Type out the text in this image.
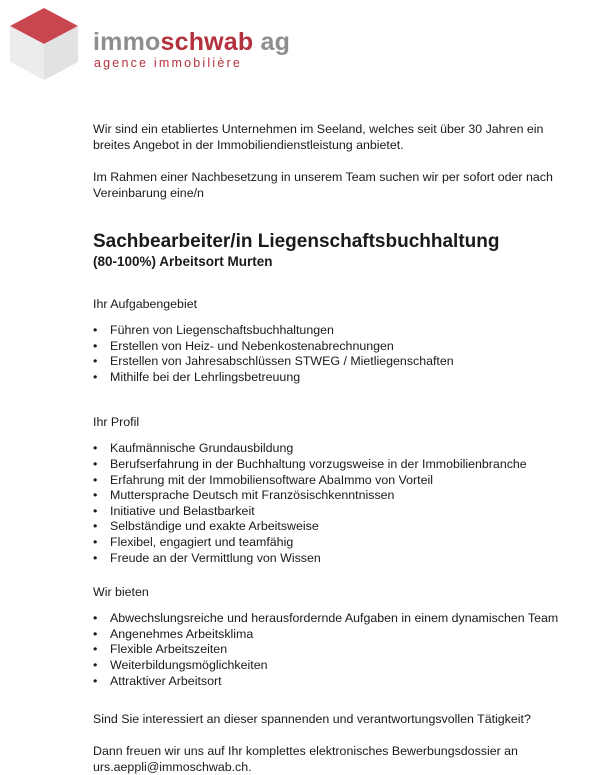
immoschwab ag
agence immobilière

Wir sind ein etabliertes Unternehmen im Seeland, welches seit über 30 Jahren ein breites Angebot in der Immobiliendienstleistung anbietet.

Im Rahmen einer Nachbesetzung in unserem Team suchen wir per sofort oder nach Vereinbarung eine/n

Sachbearbeiter/in Liegenschaftsbuchhaltung
(80-100%) Arbeitsort Murten
Ihr Aufgabengebiet
• Führen von Liegenschaftsbuchhaltungen
• Erstellen von Heiz- und Nebenkostenabrechnungen
• Erstellen von Jahresabschlüssen STWEG / Mietliegenschaften
• Mithilfe bei der Lehrlingsbetreuung
Ihr Profil
• Kaufmännische Grundausbildung
• Berufserfahrung in der Buchhaltung vorzugsweise in der Immobilienbranche
• Erfahrung mit der Immobiliensoftware AbaImmo von Vorteil
• Muttersprache Deutsch mit Französischkenntnissen
• Initiative und Belastbarkeit
• Selbständige und exakte Arbeitsweise
• Flexibel, engagiert und teamfähig
• Freude an der Vermittlung von Wissen
Wir bieten
• Abwechslungsreiche und herausfordernde Aufgaben in einem dynamischen Team
• Angenehmes Arbeitsklima
• Flexible Arbeitszeiten
• Weiterbildungsmöglichkeiten
• Attraktiver Arbeitsort

Sind Sie interessiert an dieser spannenden und verantwortungsvollen Tätigkeit?

Dann freuen wir uns auf Ihr komplettes elektronisches Bewerbungsdossier an
urs.aeppli@immoschwab.ch.
